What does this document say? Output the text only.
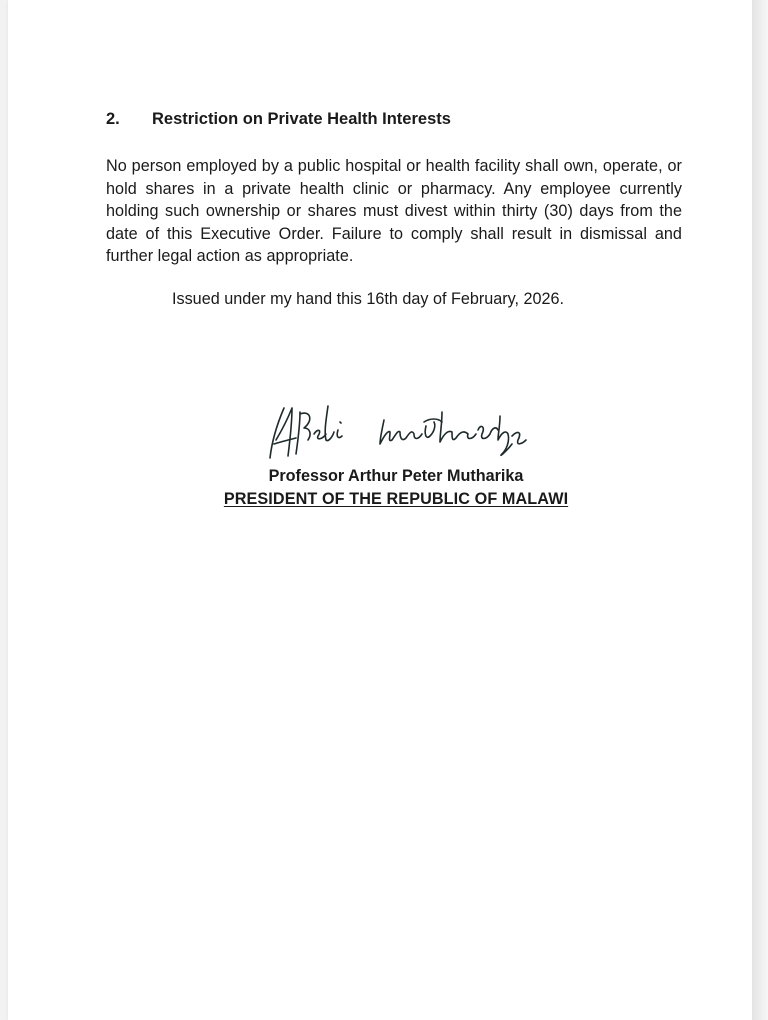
2.	Restriction on Private Health Interests

No person employed by a public hospital or health facility shall own, operate, or hold shares in a private health clinic or pharmacy. Any employee currently holding such ownership or shares must divest within thirty (30) days from the date of this Executive Order. Failure to comply shall result in dismissal and further legal action as appropriate.

Issued under my hand this 16th day of February, 2026.

Professor Arthur Peter Mutharika
PRESIDENT OF THE REPUBLIC OF MALAWI
